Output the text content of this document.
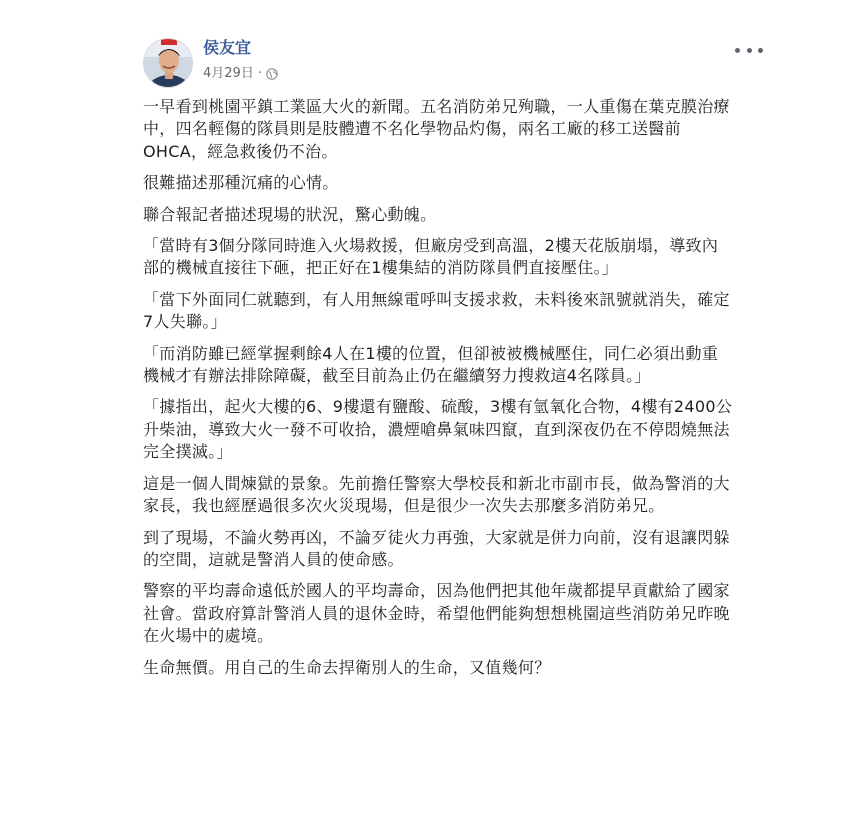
侯友宜
4月29日 ·

一早看到桃園平鎮工業區大火的新聞。五名消防弟兄殉職，一人重傷在葉克膜治療中，四名輕傷的隊員則是肢體遭不名化學物品灼傷，兩名工廠的移工送醫前OHCA，經急救後仍不治。

很難描述那種沉痛的心情。

聯合報記者描述現場的狀況，驚心動魄。

「當時有3個分隊同時進入火場救援，但廠房受到高溫，2樓天花版崩塌，導致內部的機械直接往下砸，把正好在1樓集結的消防隊員們直接壓住。」

「當下外面同仁就聽到，有人用無線電呼叫支援求救，未料後來訊號就消失，確定7人失聯。」

「而消防雖已經掌握剩餘4人在1樓的位置，但卻被被機械壓住，同仁必須出動重機械才有辦法排除障礙，截至目前為止仍在繼續努力搜救這4名隊員。」

「據指出，起火大樓的6、9樓還有鹽酸、硫酸，3樓有氫氧化合物，4樓有2400公升柴油，導致大火一發不可收拾，濃煙嗆鼻氣味四竄，直到深夜仍在不停悶燒無法完全撲滅。」

這是一個人間煉獄的景象。先前擔任警察大學校長和新北市副市長，做為警消的大家長，我也經歷過很多次火災現場，但是很少一次失去那麼多消防弟兄。

到了現場，不論火勢再凶，不論歹徒火力再強，大家就是併力向前，沒有退讓閃躲的空間，這就是警消人員的使命感。

警察的平均壽命遠低於國人的平均壽命，因為他們把其他年歲都提早貢獻給了國家社會。當政府算計警消人員的退休金時，希望他們能夠想想桃園這些消防弟兄昨晚在火場中的處境。

生命無價。用自己的生命去捍衛別人的生命，又值幾何？
